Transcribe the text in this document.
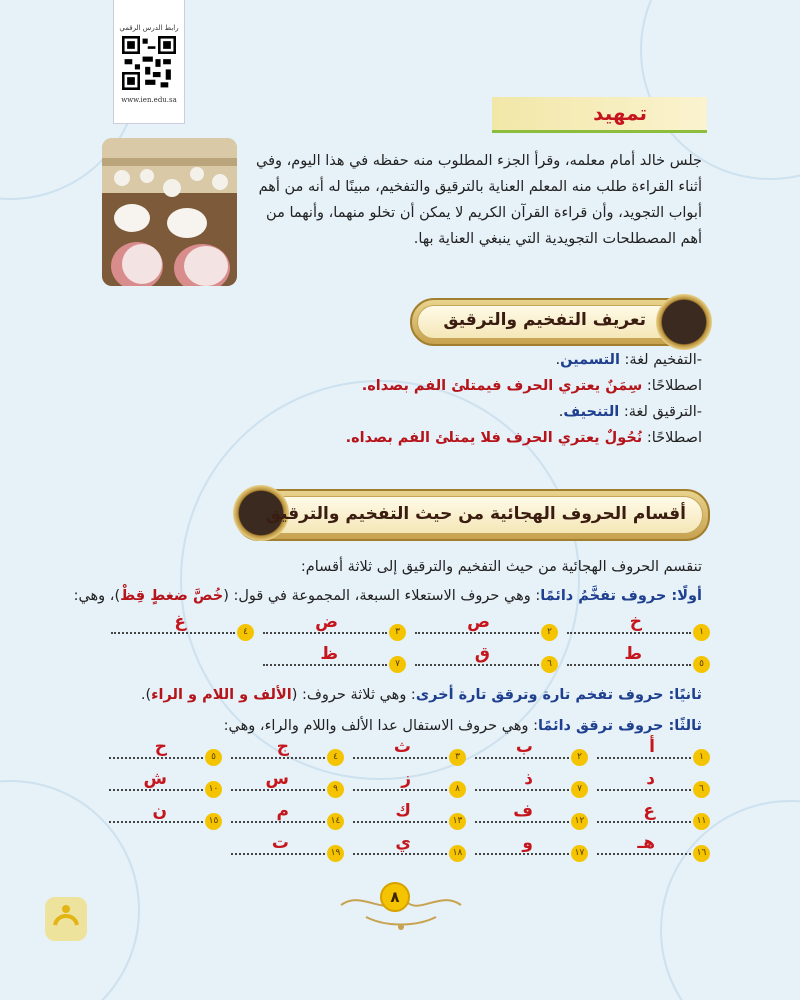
رابط الدرس الرقمي
www.ien.edu.sa
تمهيد

جلس خالد أمام معلمه، وقرأ الجزء المطلوب منه حفظه في هذا اليوم، وفي أثناء القراءة طلب منه المعلم العناية بالترقيق والتفخيم، مبينًا له أنه من أهم أبواب التجويد، وأن قراءة القرآن الكريم لا يمكن أن تخلو منهما، وأنهما من أهم المصطلحات التجويدية التي ينبغي العناية بها.

تعريف التفخيم والترقيق
-التفخيم لغة: التسمين.
اصطلاحًا: سِمَنٌ يعتري الحرف فيمتلئ الفم بصداه.
-الترقيق لغة: التنحيف.
اصطلاحًا: نُحُولٌ يعتري الحرف فلا يمتلئ الفم بصداه.
أقسام الحروف الهجائية من حيث التفخيم والترقيق

تنقسم الحروف الهجائية من حيث التفخيم والترقيق إلى ثلاثة أقسام:

أولًا: حروف تفخَّمُ دائمًا: وهي حروف الاستعلاء السبعة، المجموعة في قول: (خُصَّ ضغطٍ قِظْ)، وهي:
١
خ
٢
ص
٣
ض
٤
غ
٥
ط
٦
ق
٧
ظ
ثانيًا: حروف تفخم تارة وترقق تارة أخرى: وهي ثلاثة حروف: (الألف و اللام و الراء).
ثالثًا: حروف ترقق دائمًا: وهي حروف الاستفال عدا الألف واللام والراء، وهي:
١
أ
٢
ب
٣
ث
٤
ج
٥
ح
٦
د
٧
ذ
٨
ز
٩
س
١٠
ش
١١
ع
١٢
ف
١٣
ك
١٤
م
١٥
ن
١٦
هـ
١٧
و
١٨
ي
١٩
ت
٨
